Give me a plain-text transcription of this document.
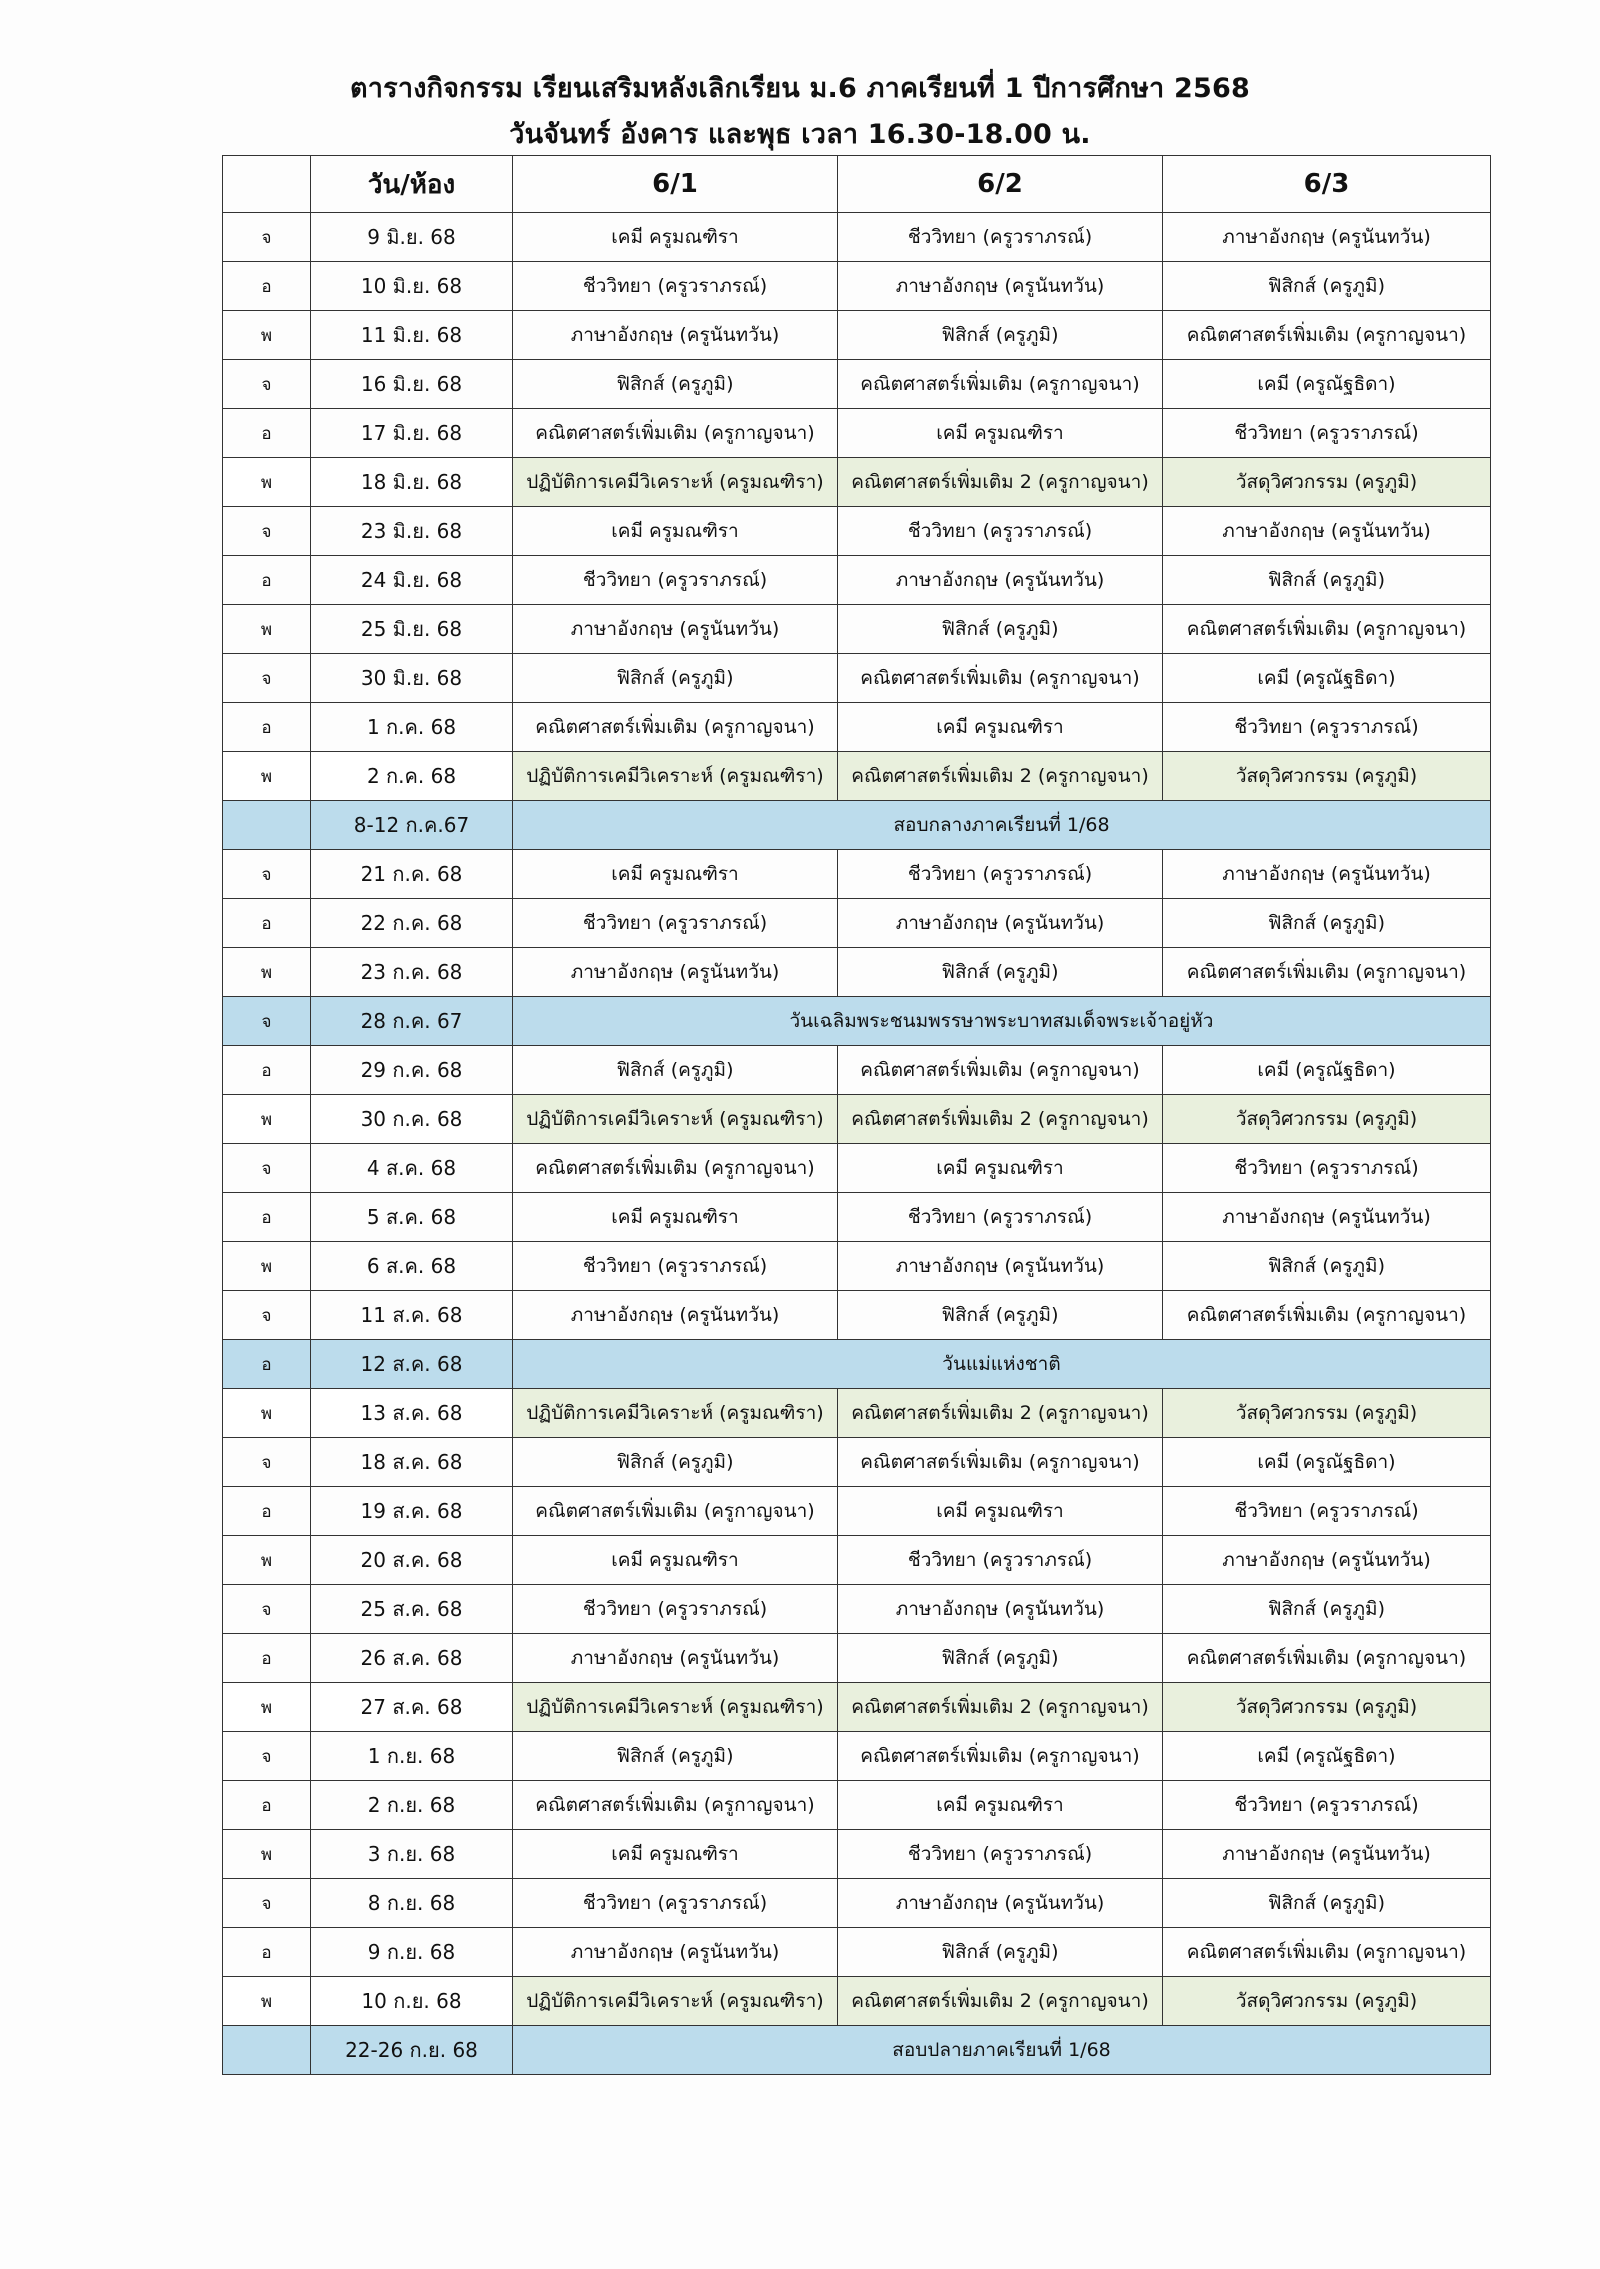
ตารางกิจกรรม เรียนเสริมหลังเลิกเรียน ม.6 ภาคเรียนที่ 1 ปีการศึกษา 2568
วันจันทร์ อังคาร และพุธ เวลา 16.30-18.00 น.
	วัน/ห้อง	6/1	6/2	6/3
จ	9 มิ.ย. 68	เคมี ครูมณฑิรา	ชีววิทยา (ครูวราภรณ์)	ภาษาอังกฤษ (ครูนันทวัน)
อ	10 มิ.ย. 68	ชีววิทยา (ครูวราภรณ์)	ภาษาอังกฤษ (ครูนันทวัน)	ฟิสิกส์ (ครูภูมิ)
พ	11 มิ.ย. 68	ภาษาอังกฤษ (ครูนันทวัน)	ฟิสิกส์ (ครูภูมิ)	คณิตศาสตร์เพิ่มเติม (ครูกาญจนา)
จ	16 มิ.ย. 68	ฟิสิกส์ (ครูภูมิ)	คณิตศาสตร์เพิ่มเติม (ครูกาญจนา)	เคมี (ครูณัฐธิดา)
อ	17 มิ.ย. 68	คณิตศาสตร์เพิ่มเติม (ครูกาญจนา)	เคมี ครูมณฑิรา	ชีววิทยา (ครูวราภรณ์)
พ	18 มิ.ย. 68	ปฏิบัติการเคมีวิเคราะห์ (ครูมณฑิรา)	คณิตศาสตร์เพิ่มเติม 2 (ครูกาญจนา)	วัสดุวิศวกรรม (ครูภูมิ)
จ	23 มิ.ย. 68	เคมี ครูมณฑิรา	ชีววิทยา (ครูวราภรณ์)	ภาษาอังกฤษ (ครูนันทวัน)
อ	24 มิ.ย. 68	ชีววิทยา (ครูวราภรณ์)	ภาษาอังกฤษ (ครูนันทวัน)	ฟิสิกส์ (ครูภูมิ)
พ	25 มิ.ย. 68	ภาษาอังกฤษ (ครูนันทวัน)	ฟิสิกส์ (ครูภูมิ)	คณิตศาสตร์เพิ่มเติม (ครูกาญจนา)
จ	30 มิ.ย. 68	ฟิสิกส์ (ครูภูมิ)	คณิตศาสตร์เพิ่มเติม (ครูกาญจนา)	เคมี (ครูณัฐธิดา)
อ	1 ก.ค. 68	คณิตศาสตร์เพิ่มเติม (ครูกาญจนา)	เคมี ครูมณฑิรา	ชีววิทยา (ครูวราภรณ์)
พ	2 ก.ค. 68	ปฏิบัติการเคมีวิเคราะห์ (ครูมณฑิรา)	คณิตศาสตร์เพิ่มเติม 2 (ครูกาญจนา)	วัสดุวิศวกรรม (ครูภูมิ)
	8-12 ก.ค.67	สอบกลางภาคเรียนที่ 1/68		
จ	21 ก.ค. 68	เคมี ครูมณฑิรา	ชีววิทยา (ครูวราภรณ์)	ภาษาอังกฤษ (ครูนันทวัน)
อ	22 ก.ค. 68	ชีววิทยา (ครูวราภรณ์)	ภาษาอังกฤษ (ครูนันทวัน)	ฟิสิกส์ (ครูภูมิ)
พ	23 ก.ค. 68	ภาษาอังกฤษ (ครูนันทวัน)	ฟิสิกส์ (ครูภูมิ)	คณิตศาสตร์เพิ่มเติม (ครูกาญจนา)
จ	28 ก.ค. 67	วันเฉลิมพระชนมพรรษาพระบาทสมเด็จพระเจ้าอยู่หัว		
อ	29 ก.ค. 68	ฟิสิกส์ (ครูภูมิ)	คณิตศาสตร์เพิ่มเติม (ครูกาญจนา)	เคมี (ครูณัฐธิดา)
พ	30 ก.ค. 68	ปฏิบัติการเคมีวิเคราะห์ (ครูมณฑิรา)	คณิตศาสตร์เพิ่มเติม 2 (ครูกาญจนา)	วัสดุวิศวกรรม (ครูภูมิ)
จ	4 ส.ค. 68	คณิตศาสตร์เพิ่มเติม (ครูกาญจนา)	เคมี ครูมณฑิรา	ชีววิทยา (ครูวราภรณ์)
อ	5 ส.ค. 68	เคมี ครูมณฑิรา	ชีววิทยา (ครูวราภรณ์)	ภาษาอังกฤษ (ครูนันทวัน)
พ	6 ส.ค. 68	ชีววิทยา (ครูวราภรณ์)	ภาษาอังกฤษ (ครูนันทวัน)	ฟิสิกส์ (ครูภูมิ)
จ	11 ส.ค. 68	ภาษาอังกฤษ (ครูนันทวัน)	ฟิสิกส์ (ครูภูมิ)	คณิตศาสตร์เพิ่มเติม (ครูกาญจนา)
อ	12 ส.ค. 68	วันแม่แห่งชาติ		
พ	13 ส.ค. 68	ปฏิบัติการเคมีวิเคราะห์ (ครูมณฑิรา)	คณิตศาสตร์เพิ่มเติม 2 (ครูกาญจนา)	วัสดุวิศวกรรม (ครูภูมิ)
จ	18 ส.ค. 68	ฟิสิกส์ (ครูภูมิ)	คณิตศาสตร์เพิ่มเติม (ครูกาญจนา)	เคมี (ครูณัฐธิดา)
อ	19 ส.ค. 68	คณิตศาสตร์เพิ่มเติม (ครูกาญจนา)	เคมี ครูมณฑิรา	ชีววิทยา (ครูวราภรณ์)
พ	20 ส.ค. 68	เคมี ครูมณฑิรา	ชีววิทยา (ครูวราภรณ์)	ภาษาอังกฤษ (ครูนันทวัน)
จ	25 ส.ค. 68	ชีววิทยา (ครูวราภรณ์)	ภาษาอังกฤษ (ครูนันทวัน)	ฟิสิกส์ (ครูภูมิ)
อ	26 ส.ค. 68	ภาษาอังกฤษ (ครูนันทวัน)	ฟิสิกส์ (ครูภูมิ)	คณิตศาสตร์เพิ่มเติม (ครูกาญจนา)
พ	27 ส.ค. 68	ปฏิบัติการเคมีวิเคราะห์ (ครูมณฑิรา)	คณิตศาสตร์เพิ่มเติม 2 (ครูกาญจนา)	วัสดุวิศวกรรม (ครูภูมิ)
จ	1 ก.ย. 68	ฟิสิกส์ (ครูภูมิ)	คณิตศาสตร์เพิ่มเติม (ครูกาญจนา)	เคมี (ครูณัฐธิดา)
อ	2 ก.ย. 68	คณิตศาสตร์เพิ่มเติม (ครูกาญจนา)	เคมี ครูมณฑิรา	ชีววิทยา (ครูวราภรณ์)
พ	3 ก.ย. 68	เคมี ครูมณฑิรา	ชีววิทยา (ครูวราภรณ์)	ภาษาอังกฤษ (ครูนันทวัน)
จ	8 ก.ย. 68	ชีววิทยา (ครูวราภรณ์)	ภาษาอังกฤษ (ครูนันทวัน)	ฟิสิกส์ (ครูภูมิ)
อ	9 ก.ย. 68	ภาษาอังกฤษ (ครูนันทวัน)	ฟิสิกส์ (ครูภูมิ)	คณิตศาสตร์เพิ่มเติม (ครูกาญจนา)
พ	10 ก.ย. 68	ปฏิบัติการเคมีวิเคราะห์ (ครูมณฑิรา)	คณิตศาสตร์เพิ่มเติม 2 (ครูกาญจนา)	วัสดุวิศวกรรม (ครูภูมิ)
	22-26 ก.ย. 68	สอบปลายภาคเรียนที่ 1/68		
